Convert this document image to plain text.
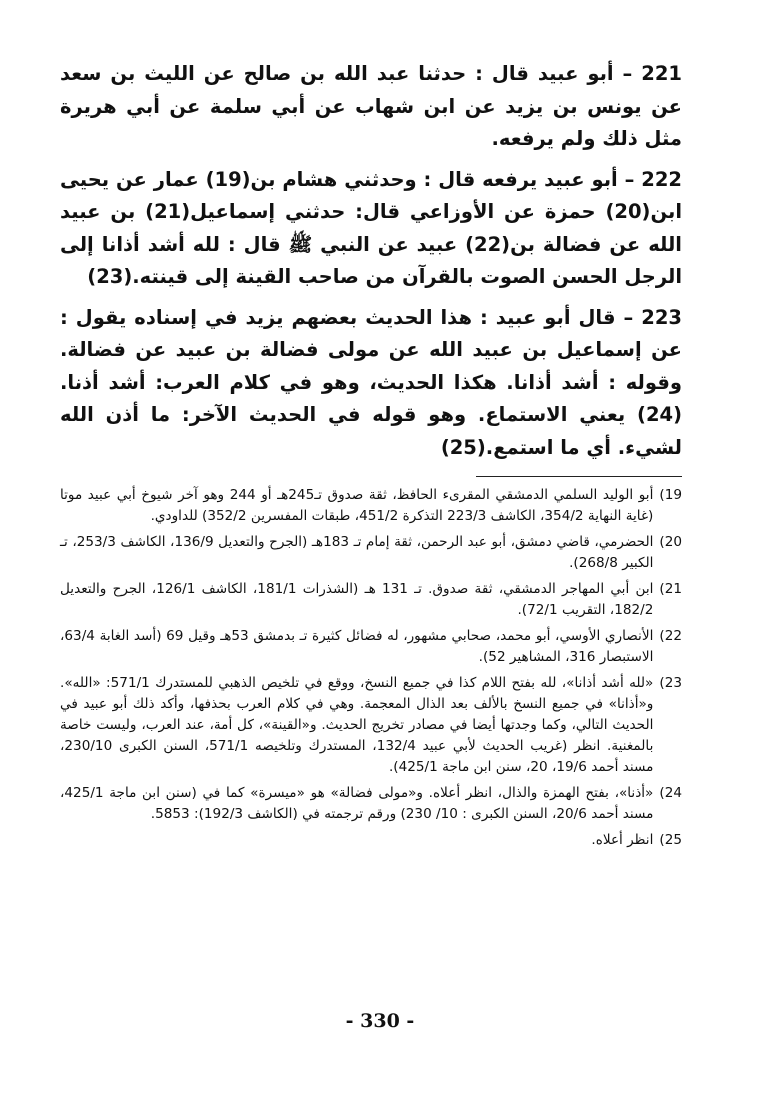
221 – أبو عبيد قال : حدثنا عبد الله بن صالح عن الليث بن سعد عن يونس بن يزيد عن ابن شهاب عن أبي سلمة عن أبي هريرة مثل ذلك ولم يرفعه.

222 – أبو عبيد يرفعه قال : وحدثني هشام بن(19) عمار عن يحيى ابن(20) حمزة عن الأوزاعي قال: حدثني إسماعيل(21) بن عبيد الله عن فضالة بن(22) عبيد عن النبي ﷺ قال : لله أشد أذانا إلى الرجل الحسن الصوت بالقرآن من صاحب القينة إلى قينته.(23)

223 – قال أبو عبيد : هذا الحديث بعضهم يزيد في إسناده يقول : عن إسماعيل بن عبيد الله عن مولى فضالة بن عبيد عن فضالة. وقوله : أشد أذانا. هكذا الحديث، وهو في كلام العرب: أشد أذنا.(24) يعني الاستماع. وهو قوله في الحديث الآخر: ما أذن الله لشيء. أي ما استمع.(25)

19)
أبو الوليد السلمي الدمشقي المقرىء الحافظ، ثقة صدوق تـ245هـ أو 244 وهو آخر شيوخ أبي عبيد موتا (غاية النهاية 354/2، الكاشف 223/3 التذكرة 451/2، طبقات المفسرين 352/2) للداودي.
20)
الحضرمي، قاضي دمشق، أبو عبد الرحمن، ثقة إمام تـ 183هـ (الجرح والتعديل 136/9، الكاشف 253/3، تـ الكبير 268/8).
21)
ابن أبي المهاجر الدمشقي، ثقة صدوق. تـ 131 هـ (الشذرات 181/1، الكاشف 126/1، الجرح والتعديل 182/2، التقريب 72/1).
22)
الأنصاري الأوسي، أبو محمد، صحابي مشهور، له فضائل كثيرة تـ بدمشق 53هـ وقيل 69 (أسد الغابة 63/4، الاستبصار 316، المشاهير 52).
23)
«لله أشد أذانا»، لله بفتح اللام كذا في جميع النسخ، ووقع في تلخيص الذهبي للمستدرك 571/1: «الله». و«أذانا» في جميع النسخ بالألف بعد الذال المعجمة. وهي في كلام العرب بحذفها، وأكد ذلك أبو عبيد في الحديث التالي، وكما وجدتها أيضا في مصادر تخريج الحديث. و«القينة»، كل أمة، عند العرب، وليست خاصة بالمغنية. انظر (غريب الحديث لأبي عبيد 132/4، المستدرك وتلخيصه 571/1، السنن الكبرى 230/10، مسند أحمد 19/6، 20، سنن ابن ماجة 425/1).
24)
«أذنا»، بفتح الهمزة والذال، انظر أعلاه. و«مولى فضالة» هو «ميسرة» كما في (سنن ابن ماجة 425/1، مسند أحمد 20/6، السنن الكبرى : 10/ 230) ورقم ترجمته في (الكاشف 192/3): 5853.
25)
انظر أعلاه.
- 330 -
